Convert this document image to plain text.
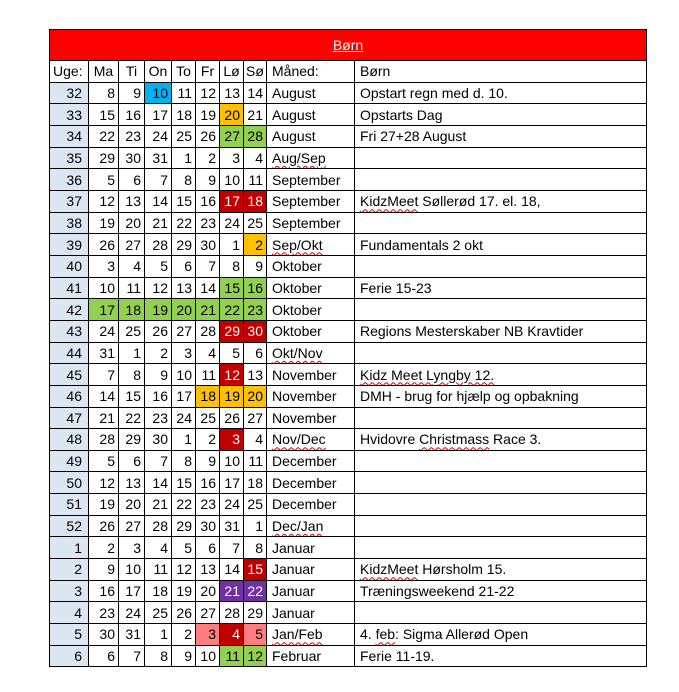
Børn									
Uge:	Ma	Ti	On	To	Fr	Lø	Sø	Måned:	Børn
32	8	9	10	11	12	13	14	August	Opstart regn med d. 10.
33	15	16	17	18	19	20	21	August	Opstarts Dag
34	22	23	24	25	26	27	28	August	Fri 27+28 August
35	29	30	31	1	2	3	4	Aug/Sep	
36	5	6	7	8	9	10	11	September	
37	12	13	14	15	16	17	18	September	KidzMeet Søllerød 17. el. 18,
38	19	20	21	22	23	24	25	September	
39	26	27	28	29	30	1	2	Sep/Okt	Fundamentals 2 okt
40	3	4	5	6	7	8	9	Oktober	
41	10	11	12	13	14	15	16	Oktober	Ferie 15-23
42	17	18	19	20	21	22	23	Oktober	
43	24	25	26	27	28	29	30	Oktober	Regions Mesterskaber NB Kravtider
44	31	1	2	3	4	5	6	Okt/Nov	
45	7	8	9	10	11	12	13	November	Kidz Meet Lyngby 12.
46	14	15	16	17	18	19	20	November	DMH - brug for hjælp og opbakning
47	21	22	23	24	25	26	27	November	
48	28	29	30	1	2	3	4	Nov/Dec	Hvidovre Christmass Race 3.
49	5	6	7	8	9	10	11	December	
50	12	13	14	15	16	17	18	December	
51	19	20	21	22	23	24	25	December	
52	26	27	28	29	30	31	1	Dec/Jan	
1	2	3	4	5	6	7	8	Januar	
2	9	10	11	12	13	14	15	Januar	KidzMeet Hørsholm 15.
3	16	17	18	19	20	21	22	Januar	Træningsweekend 21-22
4	23	24	25	26	27	28	29	Januar	
5	30	31	1	2	3	4	5	Jan/Feb	4. feb: Sigma Allerød Open
6	6	7	8	9	10	11	12	Februar	Ferie 11-19.
